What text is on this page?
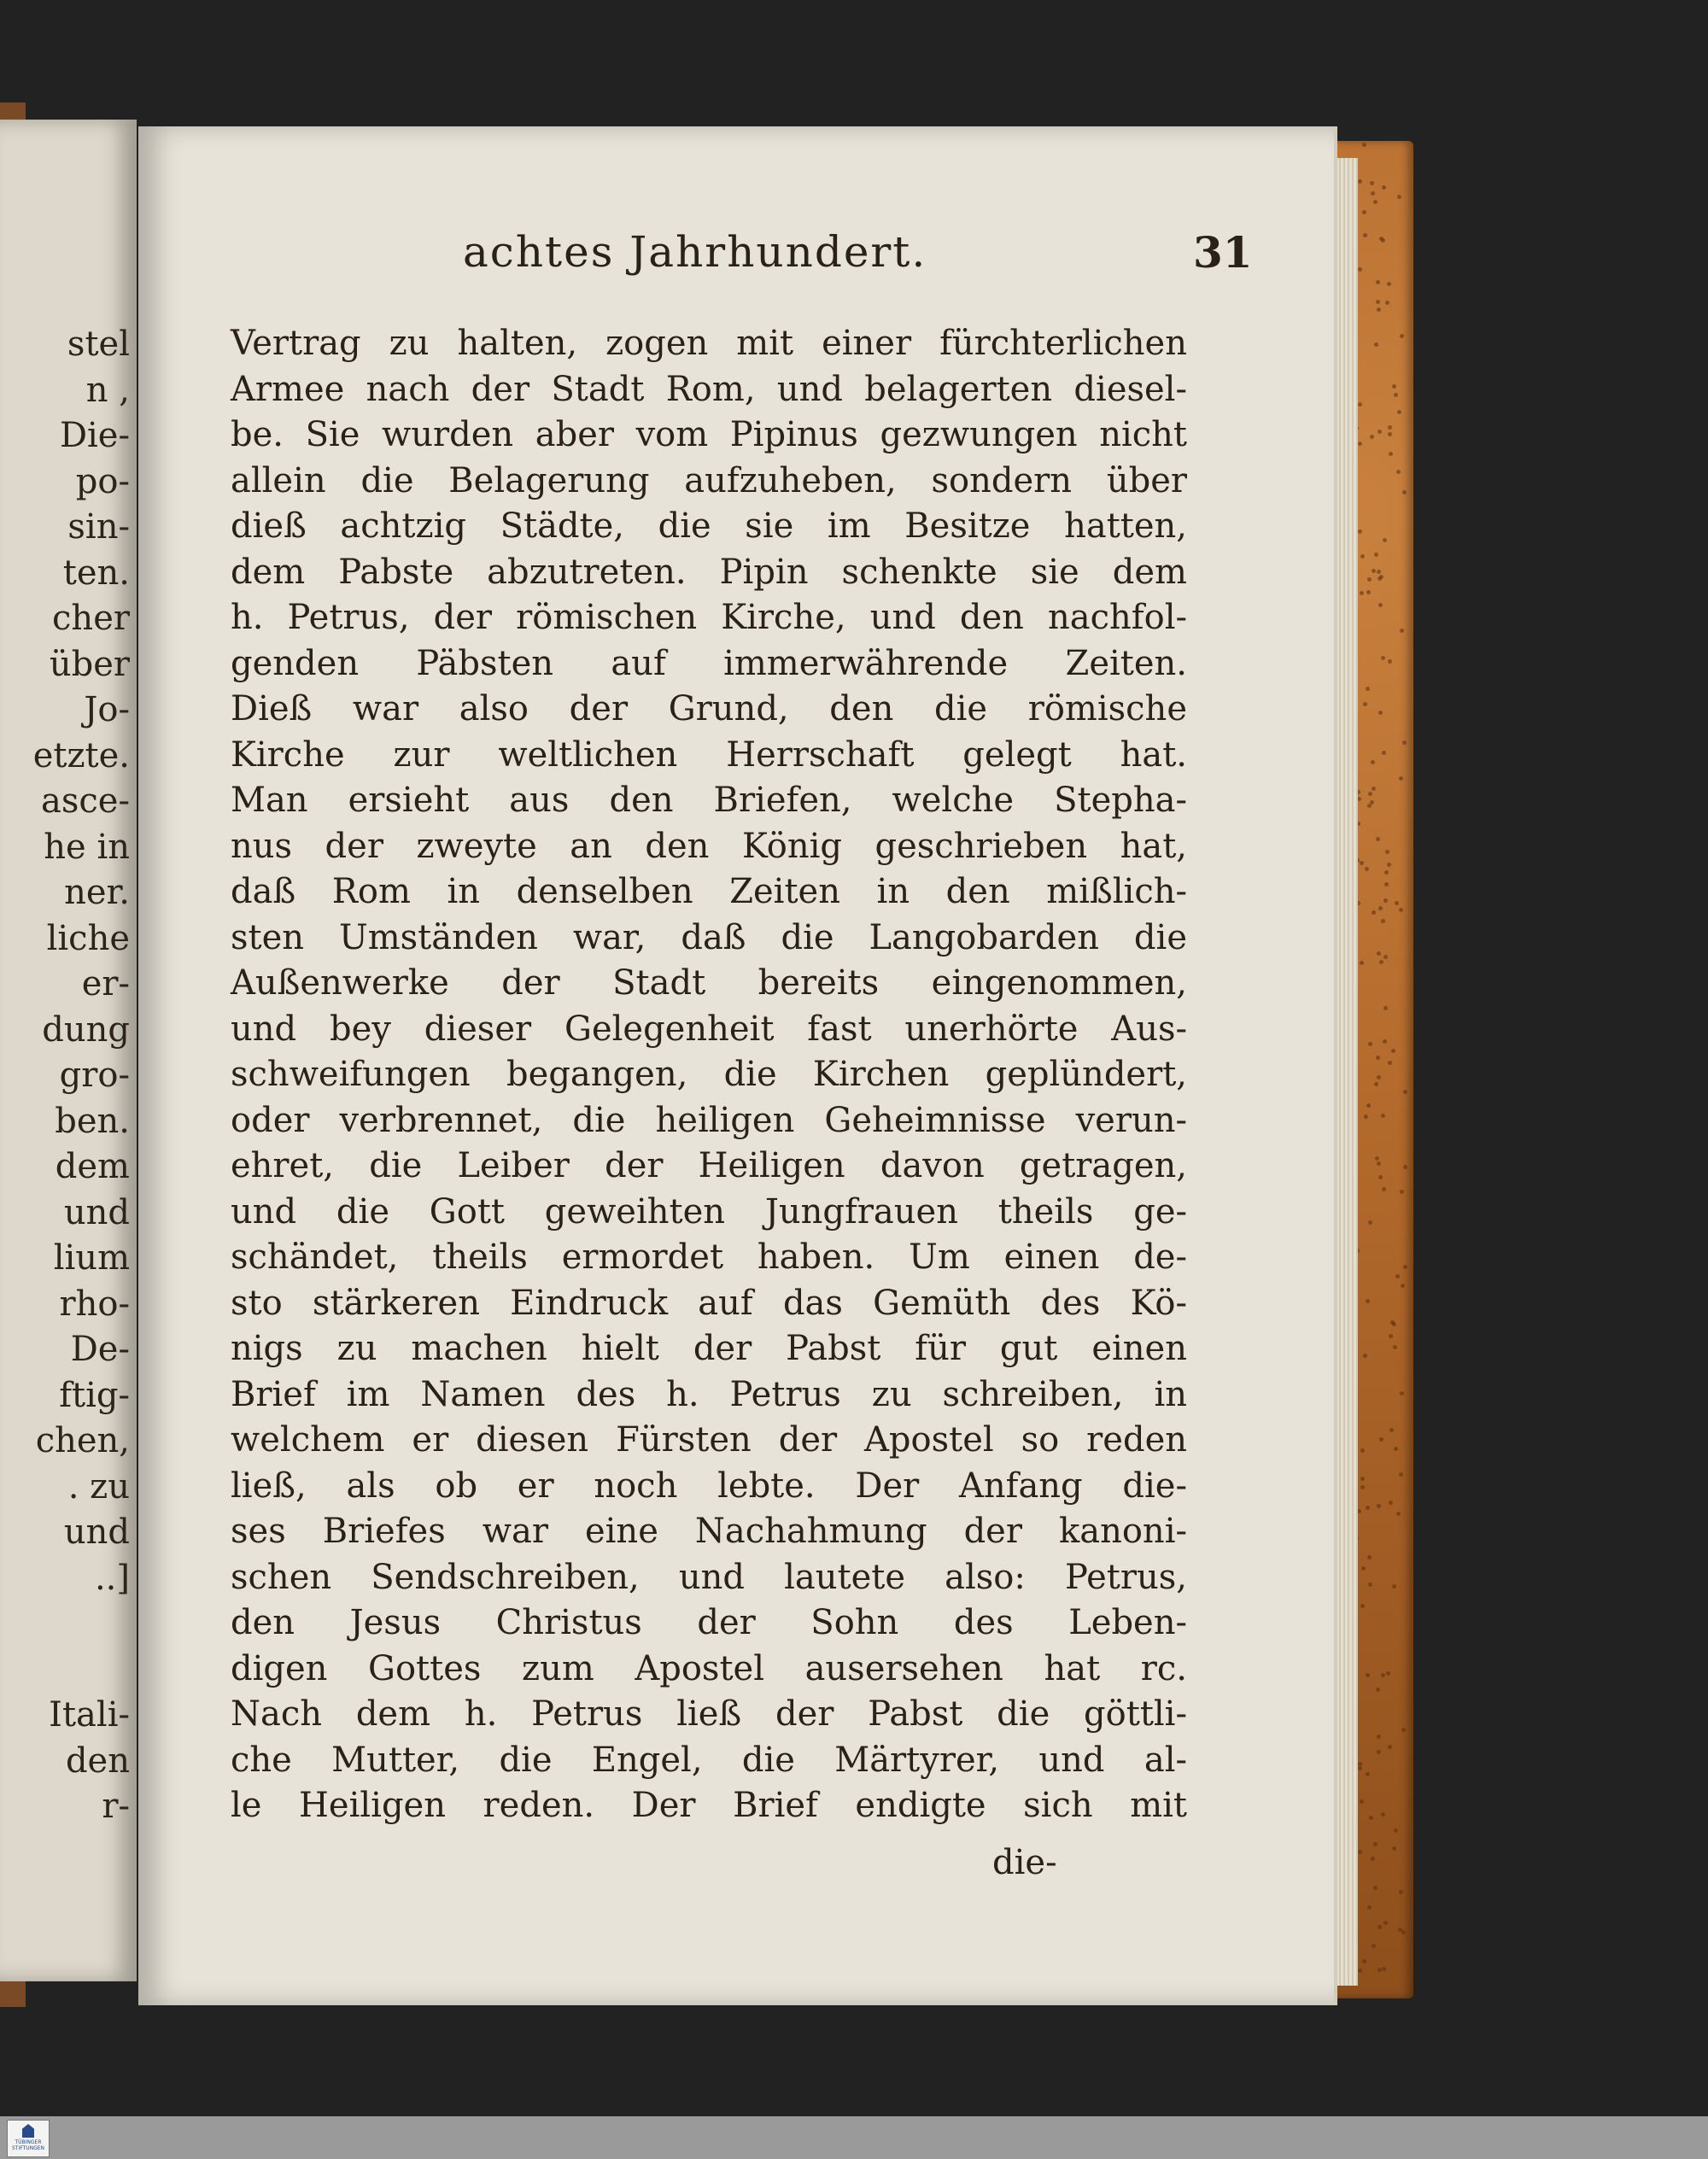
stel
n ,
Die-
po-
sin-
ten.
cher
über
Jo-
etzte.
asce-
he in
ner.
liche
er-
dung
gro-
ben.
dem
und
lium
rho-
De-
ftig-
chen,
. zu
und
..]
Itali-
den
r-
achtes Jahrhundert.	31
Vertrag zu halten, zogen mit einer fürchterlichen
Armee nach der Stadt Rom, und belagerten diesel-
be. Sie wurden aber vom Pipinus gezwungen nicht
allein die Belagerung aufzuheben, sondern über
dieß achtzig Städte, die sie im Besitze hatten,
dem Pabste abzutreten. Pipin schenkte sie dem
h. Petrus, der römischen Kirche, und den nachfol-
genden Päbsten auf immerwährende Zeiten.
Dieß war also der Grund, den die römische
Kirche zur weltlichen Herrschaft gelegt hat.
Man ersieht aus den Briefen, welche Stepha-
nus der zweyte an den König geschrieben hat,
daß Rom in denselben Zeiten in den mißlich-
sten Umständen war, daß die Langobarden die
Außenwerke der Stadt bereits eingenommen,
und bey dieser Gelegenheit fast unerhörte Aus-
schweifungen begangen, die Kirchen geplündert,
oder verbrennet, die heiligen Geheimnisse verun-
ehret, die Leiber der Heiligen davon getragen,
und die Gott geweihten Jungfrauen theils ge-
schändet, theils ermordet haben. Um einen de-
sto stärkeren Eindruck auf das Gemüth des Kö-
nigs zu machen hielt der Pabst für gut einen
Brief im Namen des h. Petrus zu schreiben, in
welchem er diesen Fürsten der Apostel so reden
ließ, als ob er noch lebte. Der Anfang die-
ses Briefes war eine Nachahmung der kanoni-
schen Sendschreiben, und lautete also: Petrus,
den Jesus Christus der Sohn des Leben-
digen Gottes zum Apostel ausersehen hat rc.
Nach dem h. Petrus ließ der Pabst die göttli-
che Mutter, die Engel, die Märtyrer, und al-
le Heiligen reden. Der Brief endigte sich mit
die-
TÜBINGER STIFTUNGEN
